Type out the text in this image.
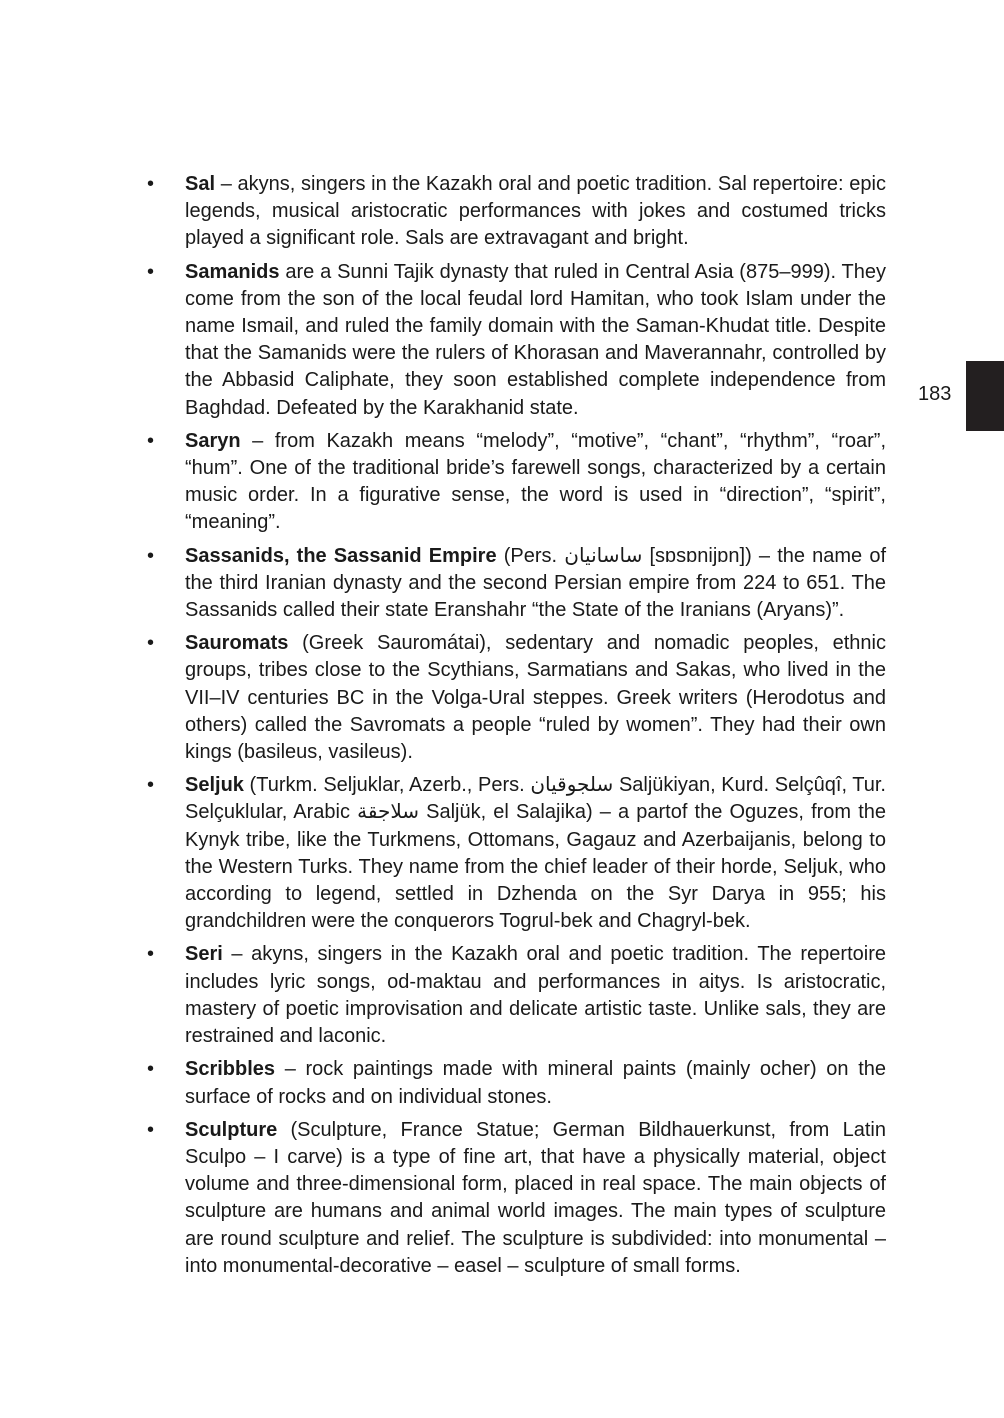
183
• Sal – akyns, singers in the Kazakh oral and poetic tradition. Sal repertoire: epic legends, musical aristocratic performances with jokes and costumed tricks played a significant role. Sals are extravagant and bright.
• Samanids are a Sunni Tajik dynasty that ruled in Central Asia (875–999). They come from the son of the local feudal lord Hamitan, who took Islam under the name Ismail, and ruled the family domain with the Saman-Khudat title. Despite that the Samanids were the rulers of Khorasan and Maverannahr, controlled by the Abbasid Caliphate, they soon established complete independence from Baghdad. Defeated by the Karakhanid state.
• Saryn – from Kazakh means “melody”, “motive”, “chant”, “rhythm”, “roar”, “hum”. One of the traditional bride’s farewell songs, characterized by a certain music order. In a figurative sense, the word is used in “direction”, “spirit”, “meaning”.
• Sassanids, the Sassanid Empire (Pers. ساسانیان [sɒsɒnijɒn]) – the name of the third Iranian dynasty and the second Persian empire from 224 to 651. The Sassanids called their state Eranshahr “the State of the Iranians (Aryans)”.
• Sauromats (Greek Sauromátai), sedentary and nomadic peoples, ethnic groups, tribes close to the Scythians, Sarmatians and Sakas, who lived in the VII–IV centuries BC in the Volga-Ural steppes. Greek writers (Herodotus and others) called the Savromats a people “ruled by women”. They had their own kings (basileus, vasileus).
• Seljuk (Turkm. Seljuklar, Azerb., Pers. سلجوقیان Saljükiyan, Kurd. Selçûqî, Tur. Selçuklular, Arabic سلاجقة‎ Saljük, el Salajika) – a partof the Oguzes, from the Kynyk tribe, like the Turkmens, Ottomans, Gagauz and Azerbaijanis, belong to the Western Turks. They name from the chief leader of their horde, Seljuk, who according to legend, settled in Dzhenda on the Syr Darya in 955; his grandchildren were the conquerors Togrul-bek and Chagryl-bek.
• Seri – akyns, singers in the Kazakh oral and poetic tradition. The repertoire includes lyric songs, od-maktau and performances in aitys. Is aristocratic, mastery of poetic improvisation and delicate artistic taste. Unlike sals, they are restrained and laconic.
• Scribbles – rock paintings made with mineral paints (mainly ocher) on the surface of rocks and on individual stones.
• Sculpture (Sculpture, France Statue; German Bildhauerkunst, from Latin Sculpo – I carve) is a type of fine art, that have a physically material, object volume and three-dimensional form, placed in real space. The main objects of sculpture are humans and animal world images. The main types of sculpture are round sculpture and relief. The sculpture is subdivided: into monumental – into monumental-decorative – easel – sculpture of small forms.
